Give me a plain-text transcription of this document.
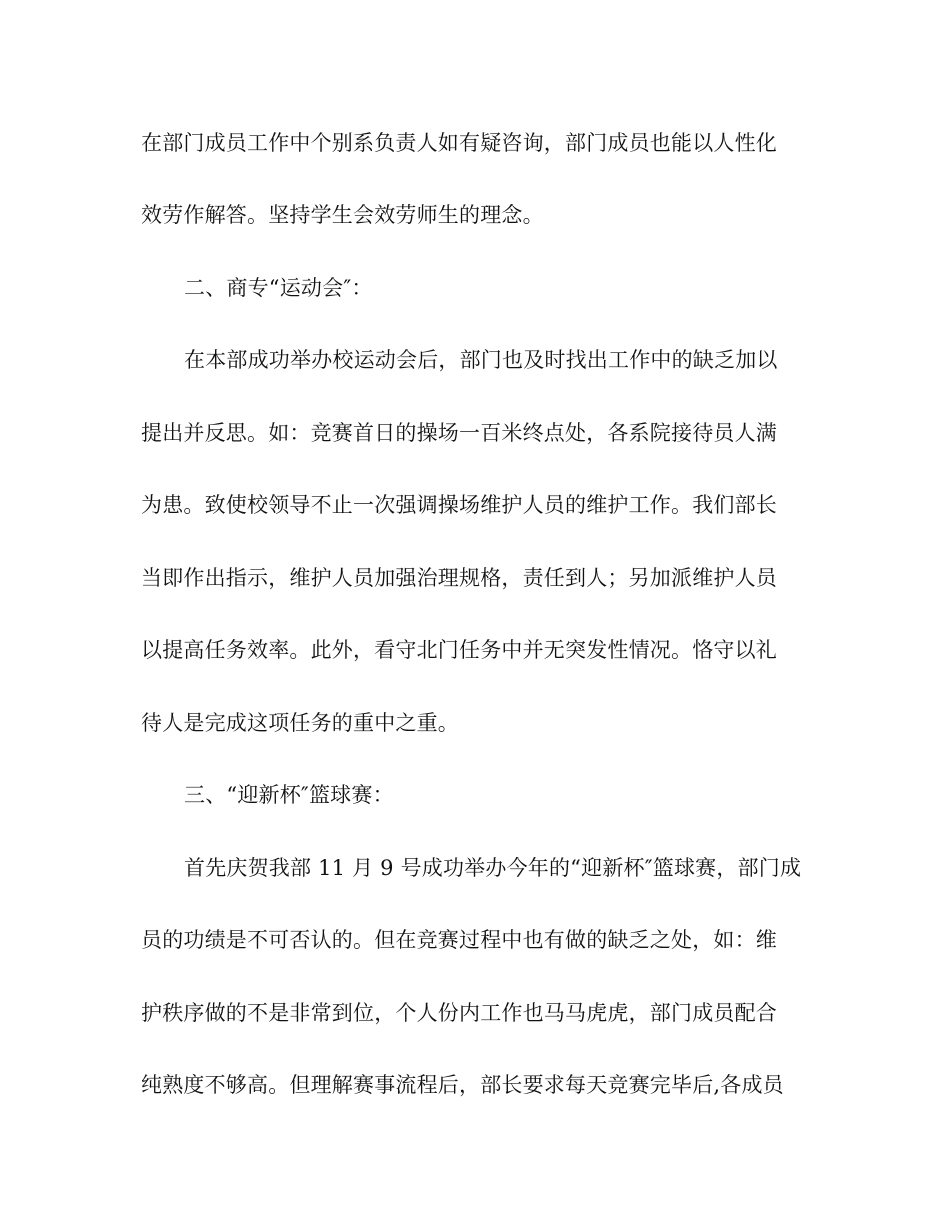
在部门成员工作中个别系负责人如有疑咨询，部门成员也能以人性化
效劳作解答。坚持学生会效劳师生的理念。
二、商专“运动会″：
在本部成功举办校运动会后，部门也及时找出工作中的缺乏加以
提出并反思。如：竞赛首日的操场一百米终点处，各系院接待员人满
为患。致使校领导不止一次强调操场维护人员的维护工作。我们部长
当即作出指示，维护人员加强治理规格，责任到人；另加派维护人员
以提高任务效率。此外，看守北门任务中并无突发性情况。恪守以礼
待人是完成这项任务的重中之重。
三、“迎新杯″篮球赛：
首先庆贺我部 11 月 9 号成功举办今年的“迎新杯″篮球赛，部门成
员的功绩是不可否认的。但在竞赛过程中也有做的缺乏之处，如：维
护秩序做的不是非常到位，个人份内工作也马马虎虎，部门成员配合
纯熟度不够高。但理解赛事流程后，部长要求每天竞赛完毕后,各成员
